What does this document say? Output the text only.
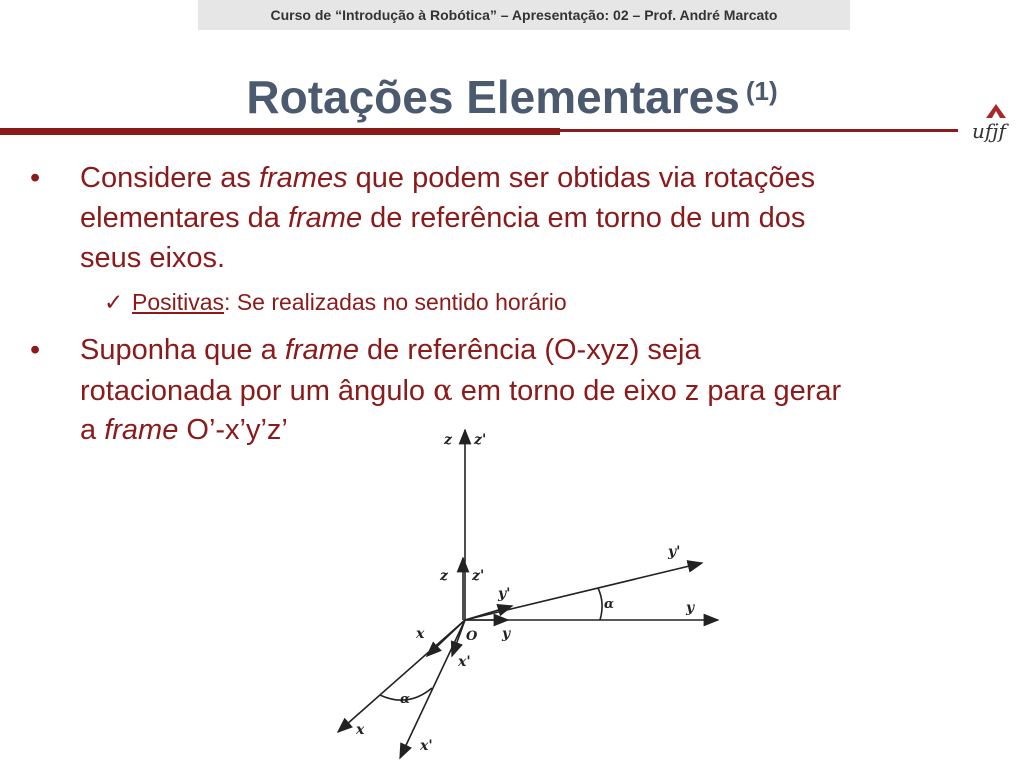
Curso de “Introdução à Robótica” – Apresentação: 02 – Prof. André Marcato
Rotações Elementares $^{(1)}$
ufjf
• Considere as frames que podem ser obtidas via rotações
elementares da frame de referência em torno de um dos
seus eixos.
✓ Positivas: Se realizadas no sentido horário
• Suponha que a frame de referência (O-xyz) seja
rotacionada por um ângulo α em torno de eixo z para gerar
a frame O’-x’y’z’	z z'
z z'
y'
y'
y
y
α
O
x
x'
α
x
x'
